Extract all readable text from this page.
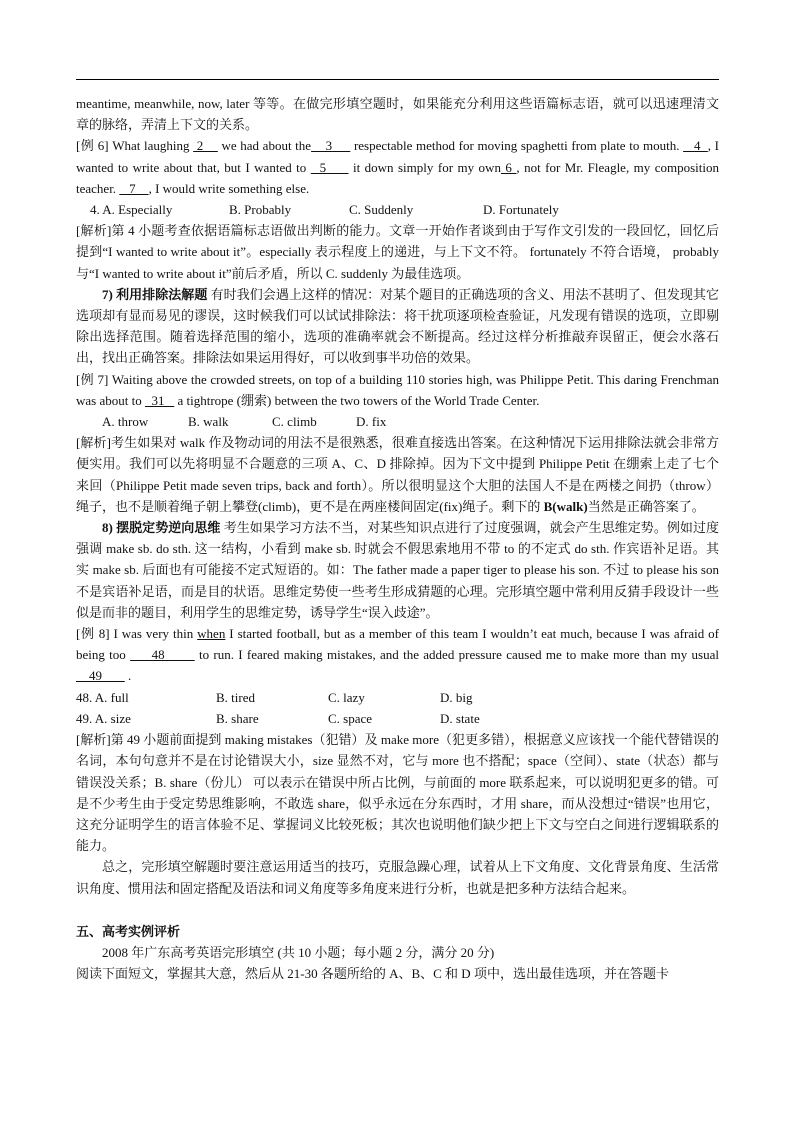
meantime, meanwhile, now, later 等等。在做完形填空题时，如果能充分利用这些语篇标志语，就可以迅速理清文章的脉络，弄清上下文的关系。

[例 6] What laughing  2     we had about the    3      respectable method for moving spaghetti from plate to mouth.    4  , I wanted to write about that, but I wanted to   5      it down simply for my own 6 , not for Mr. Fleagle, my composition teacher.    7    , I would write something else.

4. A. Especially	B. Probably	C. Suddenly	D. Fortunately

[解析]第 4 小题考查依据语篇标志语做出判断的能力。文章一开始作者谈到由于写作文引发的一段回忆，回忆后提到“I wanted to write about it”。especially 表示程度上的递进，与上下文不符。 fortunately 不符合语境， probably 与“I wanted to write about it”前后矛盾，所以 C. suddenly 为最佳选项。

7) 利用排除法解题 有时我们会遇上这样的情况：对某个题目的正确选项的含义、用法不甚明了、但发现其它选项却有显而易见的谬误，这时候我们可以试试排除法：将干扰项逐项检查验证，凡发现有错误的选项，立即剔除出选择范围。随着选择范围的缩小，选项的准确率就会不断提高。经过这样分析推敲弃误留正，便会水落石出，找出正确答案。排除法如果运用得好，可以收到事半功倍的效果。

[例 7] Waiting above the crowded streets, on top of a building 110 stories high, was Philippe Petit. This daring Frenchman was about to   31    a tightrope (绷索) between the two towers of the World Trade Center.

A. throw	B. walk	C. climb	D. fix

[解析]考生如果对 walk 作及物动词的用法不是很熟悉，很难直接选出答案。在这种情况下运用排除法就会非常方便实用。我们可以先将明显不合题意的三项 A、C、D 排除掉。因为下文中提到 Philippe Petit 在绷索上走了七个来回（Philippe Petit made seven trips, back and forth）。所以很明显这个大胆的法国人不是在两楼之间扔（throw）绳子，也不是顺着绳子朝上攀登(climb)，更不是在两座楼间固定(fix)绳子。剩下的 B(walk)当然是正确答案了。

8) 摆脱定势逆向思维 考生如果学习方法不当，对某些知识点进行了过度强调，就会产生思维定势。例如过度强调 make sb. do sth. 这一结构，小看到 make sb. 时就会不假思索地用不带 to 的不定式 do sth. 作宾语补足语。其实 make sb. 后面也有可能接不定式短语的。如：The father made a paper tiger to please his son. 不过 to please his son 不是宾语补足语，而是目的状语。思维定势使一些考生形成猜题的心理。完形填空题中常利用反猜手段设计一些似是而非的题目，利用学生的思维定势，诱导学生“误入歧途”。

[例 8] I was very thin when I started football, but as a member of this team I wouldn’t eat much, because I was afraid of being too      48        to run. I feared making mistakes, and the added pressure caused me to make more than my usual     49        .

48. A. full	B. tired	C. lazy	D. big
49. A. size	B. share	C. space	D. state

[解析]第 49 小题前面提到 making mistakes（犯错）及 make more（犯更多错），根据意义应该找一个能代替错误的名词，本句句意并不是在讨论错误大小，size 显然不对，它与 more 也不搭配；space（空间）、state（状态）都与错误没关系；B. share（份儿） 可以表示在错误中所占比例，与前面的 more 联系起来，可以说明犯更多的错。可是不少考生由于受定势思维影响，不敢选 share，似乎永远在分东西时，才用 share，而从没想过“错误”也用它，这充分证明学生的语言体验不足、掌握词义比较死板；其次也说明他们缺少把上下文与空白之间进行逻辑联系的能力。

总之，完形填空解题时要注意运用适当的技巧，克服急躁心理，试着从上下文角度、文化背景角度、生活常识角度、惯用法和固定搭配及语法和词义角度等多角度来进行分析，也就是把多种方法结合起来。

五、高考实例评析

2008 年广东高考英语完形填空 (共 10 小题；每小题 2 分，满分 20 分)

阅读下面短文，掌握其大意，然后从 21-30 各题所给的 A、B、C 和 D 项中，选出最佳选项，并在答题卡
